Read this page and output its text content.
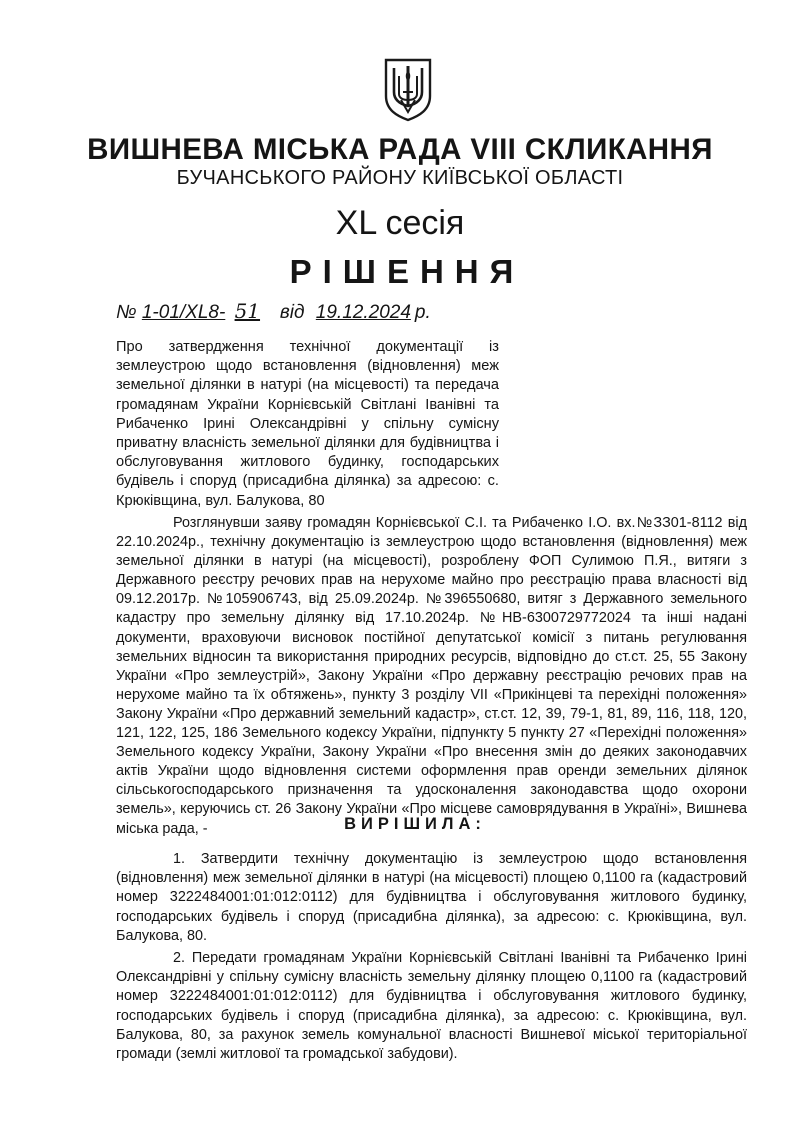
ВИШНЕВА МІСЬКА РАДА VIII СКЛИКАННЯ
БУЧАНСЬКОГО РАЙОНУ КИЇВСЬКОЇ ОБЛАСТІ
XL сесія
РІШЕННЯ
№ 1-01/XL8- 51 від 19.12.2024 р.
Про затвердження технічної документації із землеустрою щодо встановлення (відновлення) меж земельної ділянки в натурі (на місцевості) та передача громадянам України Корнієвській Світлані Іванівні та Рибаченко Ірині Олександрівні у спільну сумісну приватну власність земельної ділянки для будівництва і обслуговування житлового будинку, господарських будівель і споруд (присадибна ділянка) за адресою: с. Крюківщина, вул. Балукова, 80
Розглянувши заяву громадян Корнієвської С.І. та Рибаченко І.О. вх.№ЗЗ01-8112 від 22.10.2024р., технічну документацію із землеустрою щодо встановлення (відновлення) меж земельної ділянки в натурі (на місцевості), розроблену ФОП Сулимою П.Я., витяги з Державного реєстру речових прав на нерухоме майно про реєстрацію права власності від 09.12.2017р. №105906743, від 25.09.2024р. №396550680, витяг з Державного земельного кадастру про земельну ділянку від 17.10.2024р. №НВ-6300729772024 та інші надані документи, враховуючи висновок постійної депутатської комісії з питань регулювання земельних відносин та використання природних ресурсів, відповідно до ст.ст. 25, 55 Закону України «Про землеустрій», Закону України «Про державну реєстрацію речових прав на нерухоме майно та їх обтяжень», пункту 3 розділу VII «Прикінцеві та перехідні положення» Закону України «Про державний земельний кадастр», ст.ст. 12, 39, 79-1, 81, 89, 116, 118, 120, 121, 122, 125, 186 Земельного кодексу України, підпункту 5 пункту 27 «Перехідні положення» Земельного кодексу України, Закону України «Про внесення змін до деяких законодавчих актів України щодо відновлення системи оформлення прав оренди земельних ділянок сільськогосподарського призначення та удосконалення законодавства щодо охорони земель», керуючись ст. 26 Закону України «Про місцеве самоврядування в Україні», Вишнева міська рада, -	ВИРІШИЛА:

1. Затвердити технічну документацію із землеустрою щодо встановлення (відновлення) меж земельної ділянки в натурі (на місцевості) площею 0,1100 га (кадастровий номер 3222484001:01:012:0112) для будівництва і обслуговування житлового будинку, господарських будівель і споруд (присадибна ділянка), за адресою: с. Крюківщина, вул. Балукова, 80.

2. Передати громадянам України Корнієвській Світлані Іванівні та Рибаченко Ірині Олександрівні у спільну сумісну власність земельну ділянку площею 0,1100 га (кадастровий номер 3222484001:01:012:0112) для будівництва і обслуговування житлового будинку, господарських будівель і споруд (присадибна ділянка), за адресою: с. Крюківщина, вул. Балукова, 80, за рахунок земель комунальної власності Вишневої міської територіальної громади (землі житлової та громадської забудови).
